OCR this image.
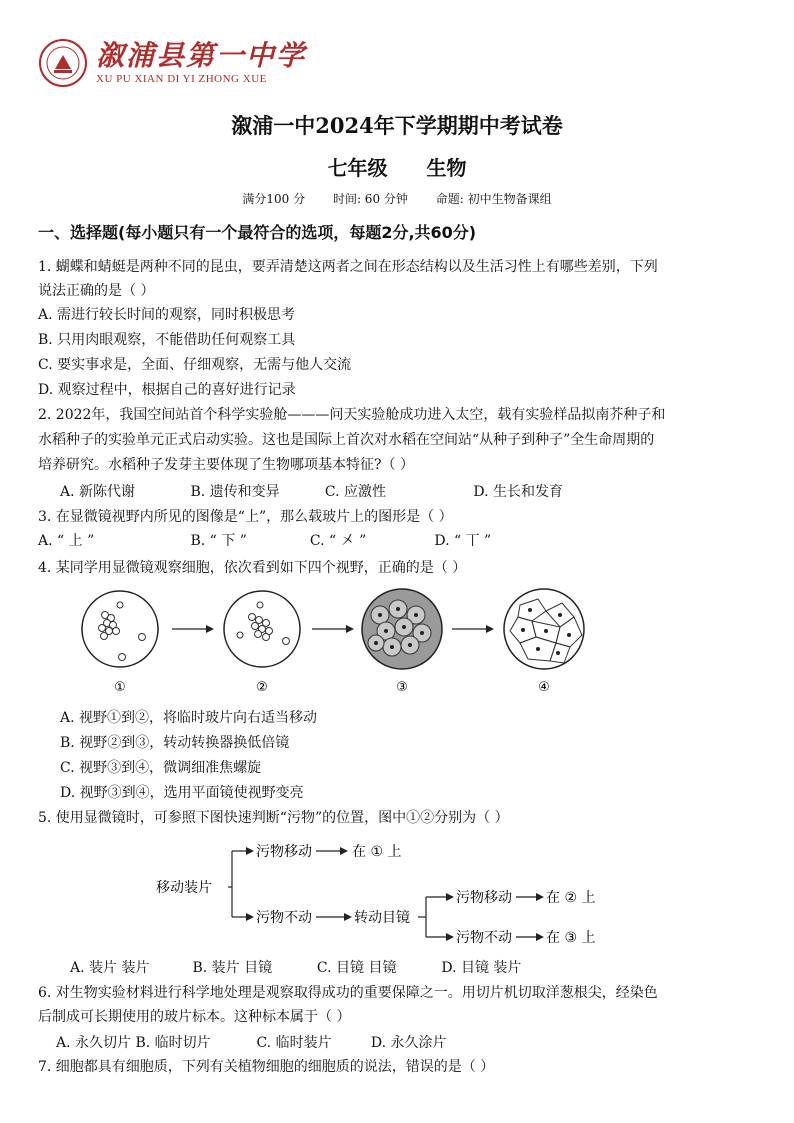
溆浦县第一中学
XU PU XIAN DI YI ZHONG XUE
溆浦一中2024年下学期期中考试卷
七年级 生物
满分100 分 时间: 60 分钟 命题: 初中生物备课组
一、选择题(每小题只有一个最符合的选项，每题2分,共60分)
1. 蝴蝶和蜻蜓是两种不同的昆虫，要弄清楚这两者之间在形态结构以及生活习性上有哪些差别，下列
说法正确的是（ ）
A. 需进行较长时间的观察，同时积极思考
B. 只用肉眼观察，不能借助任何观察工具
C. 要实事求是，全面、仔细观察，无需与他人交流
D. 观察过程中，根据自己的喜好进行记录
2. 2022年，我国空间站首个科学实验舱———问天实验舱成功进入太空，载有实验样品拟南芥种子和
水稻种子的实验单元正式启动实验。这也是国际上首次对水稻在空间站“从种子到种子”全生命周期的
培养研究。水稻种子发芽主要体现了生物哪项基本特征?（ ）
A. 新陈代谢	B. 遗传和变异	C. 应激性	D. 生长和发育
3. 在显微镜视野内所见的图像是“上”，那么载玻片上的图形是（ ）
A. “ 上 ”	B. “ 下 ”	C. “ 㐅 ”	D. “ 丅 ”
4. 某同学用显微镜观察细胞，依次看到如下四个视野，正确的是（ ）
①	②	③	④
A. 视野①到②，将临时玻片向右适当移动
B. 视野②到③，转动转换器换低倍镜
C. 视野③到④，微调细准焦螺旋
D. 视野③到④，选用平面镜使视野变亮
5. 使用显微镜时，可参照下图快速判断“污物”的位置，图中①②分别为（ ）
移动装片
污物移动	在 ① 上
污物不动	转动目镜
污物移动 在 ② 上
污物不动 在 ③ 上
A. 装片 装片	B. 装片 目镜	C. 目镜 目镜	D. 目镜 装片
6. 对生物实验材料进行科学地处理是观察取得成功的重要保障之一。用切片机切取洋葱根尖，经染色
后制成可长期使用的玻片标本。这种标本属于（ ）
A. 永久切片 B. 临时切片	C. 临时装片	D. 永久涂片
7. 细胞都具有细胞质，下列有关植物细胞的细胞质的说法，错误的是（ ）
